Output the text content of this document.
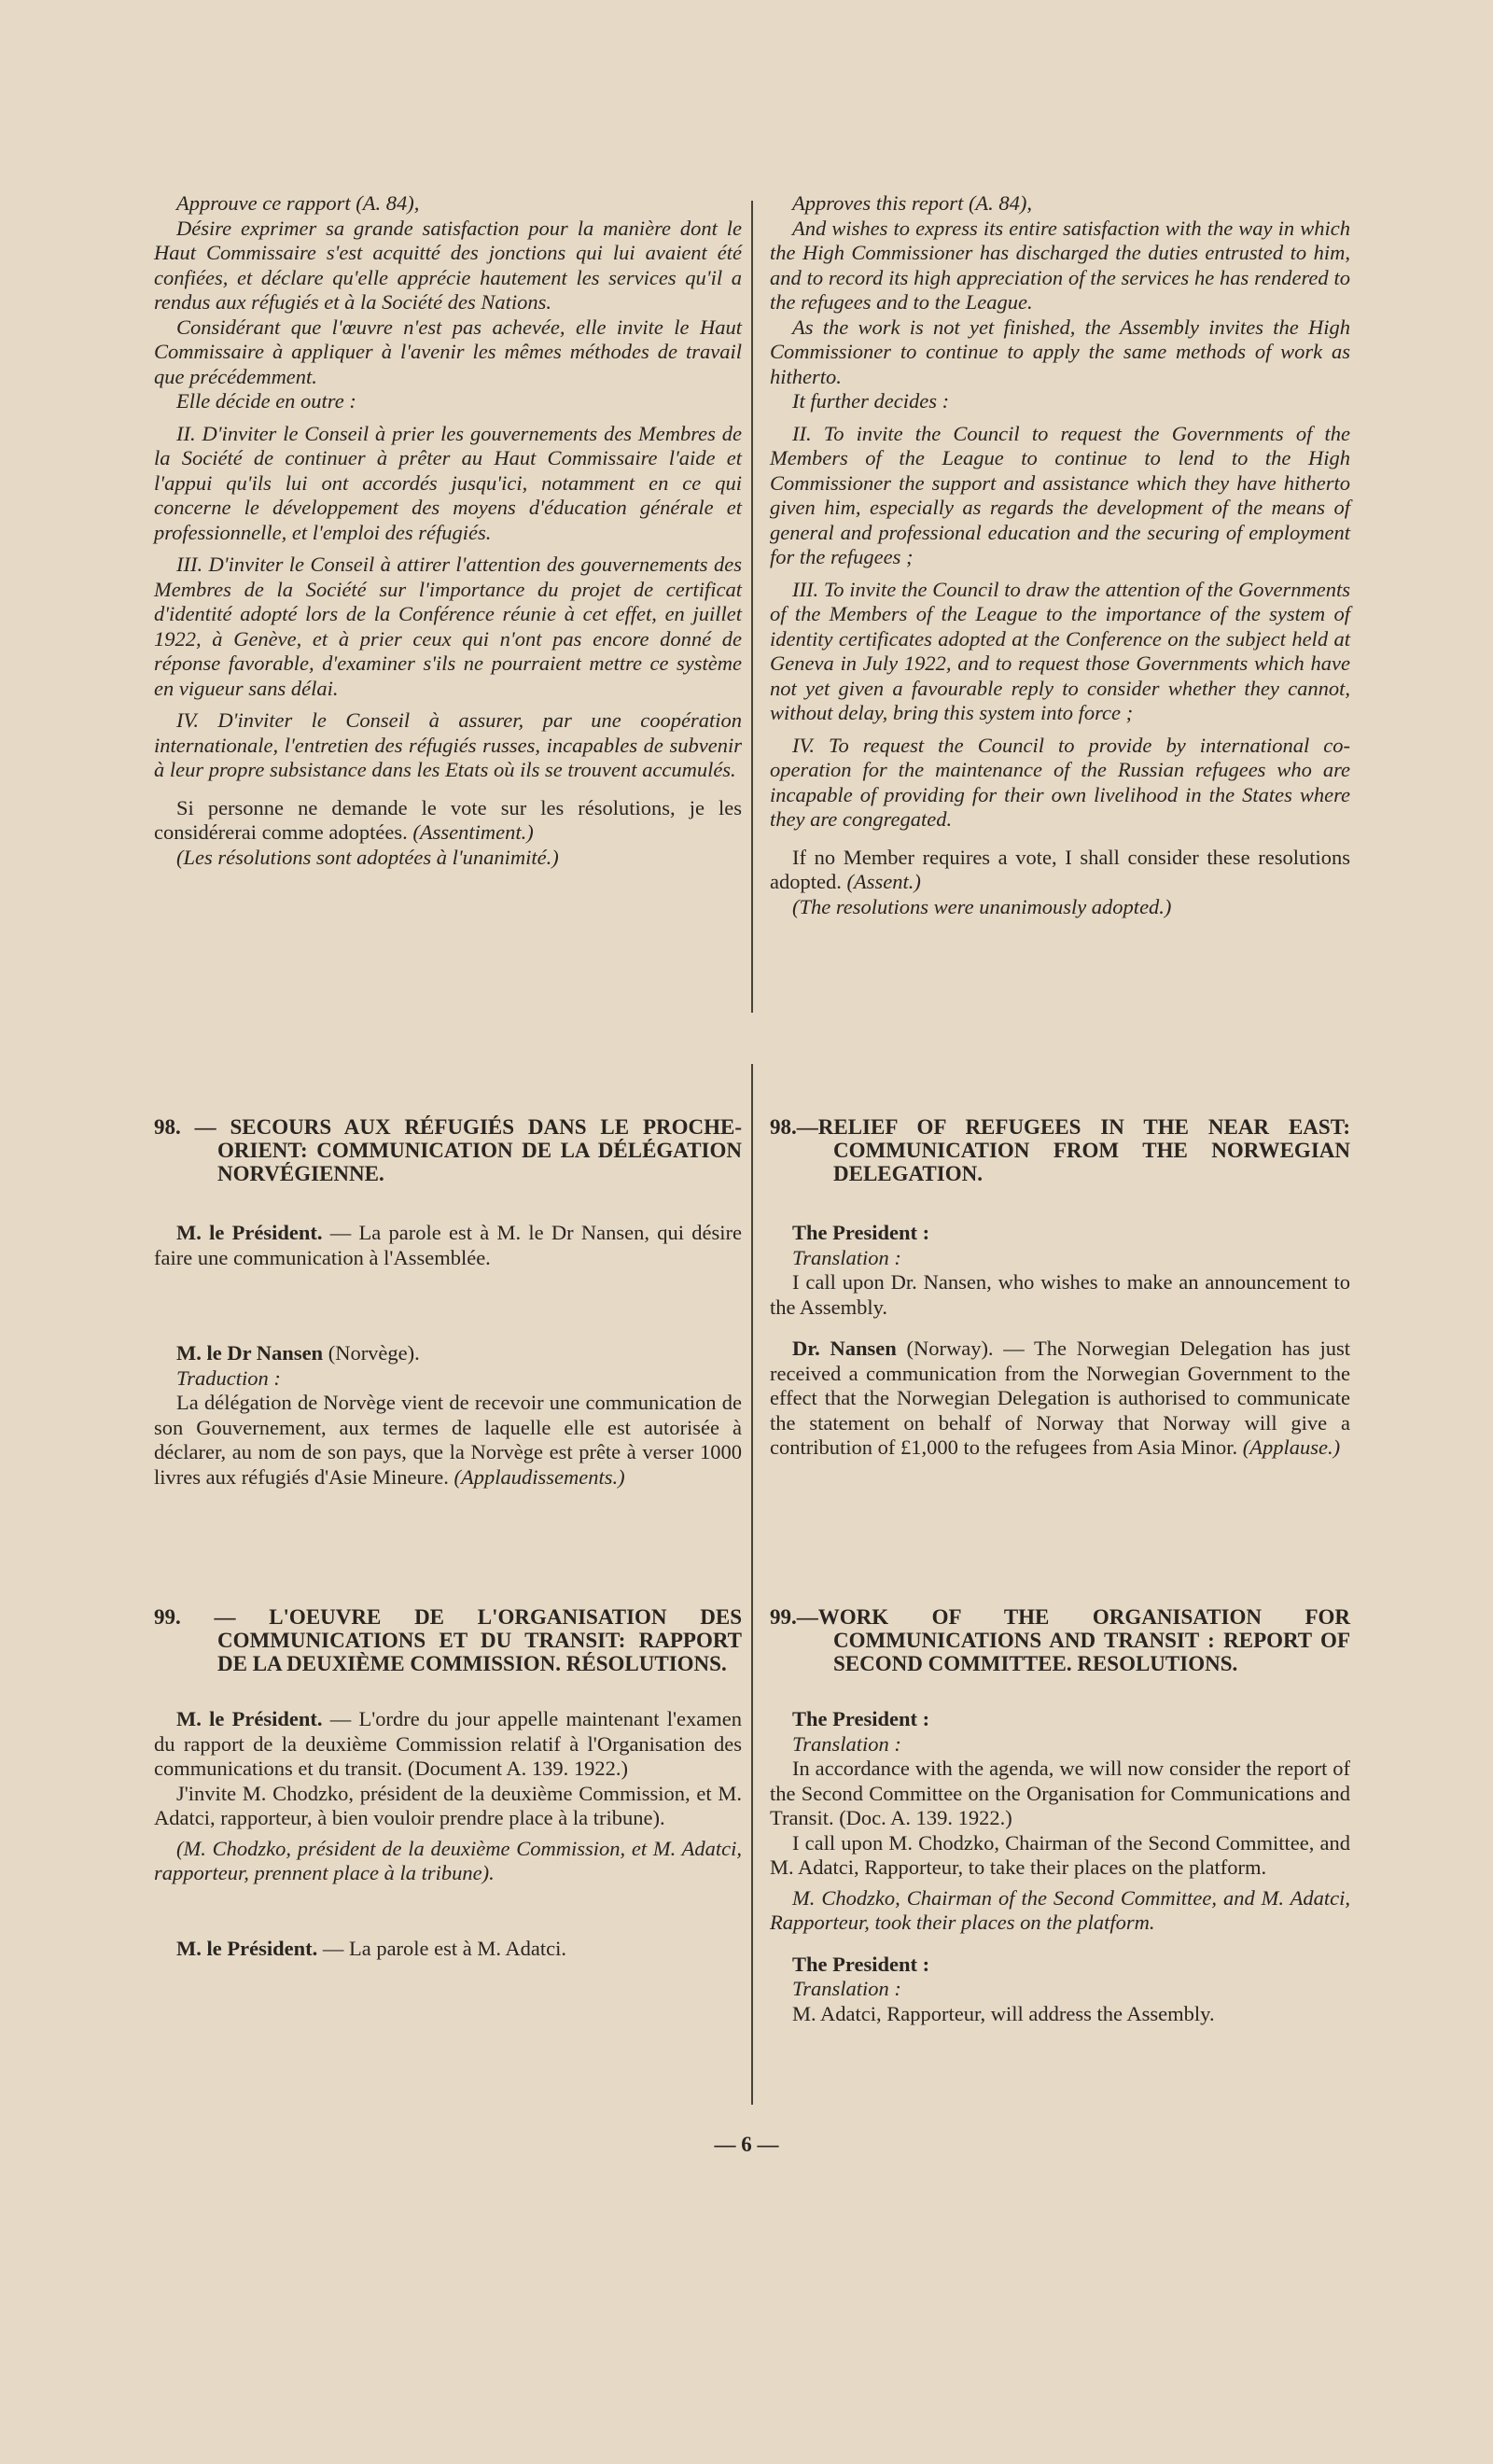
Approuve ce rapport (A. 84),

Désire exprimer sa grande satisfaction pour la manière dont le Haut Commissaire s'est acquitté des jonctions qui lui avaient été confiées, et déclare qu'elle apprécie hautement les services qu'il a rendus aux réfugiés et à la Société des Nations.

Considérant que l'œuvre n'est pas achevée, elle invite le Haut Commissaire à appliquer à l'avenir les mêmes méthodes de travail que précédemment.

Elle décide en outre :

II. D'inviter le Conseil à prier les gouvernements des Membres de la Société de continuer à prêter au Haut Commissaire l'aide et l'appui qu'ils lui ont accordés jusqu'ici, notamment en ce qui concerne le développement des moyens d'éducation générale et professionnelle, et l'emploi des réfugiés.

III. D'inviter le Conseil à attirer l'attention des gouvernements des Membres de la Société sur l'importance du projet de certificat d'identité adopté lors de la Conférence réunie à cet effet, en juillet 1922, à Genève, et à prier ceux qui n'ont pas encore donné de réponse favorable, d'examiner s'ils ne pourraient mettre ce système en vigueur sans délai.

IV. D'inviter le Conseil à assurer, par une coopération internationale, l'entretien des réfugiés russes, incapables de subvenir à leur propre subsistance dans les Etats où ils se trouvent accumulés.

Si personne ne demande le vote sur les résolutions, je les considérerai comme adoptées. (Assentiment.)

(Les résolutions sont adoptées à l'unanimité.)

98. — SECOURS AUX RÉFUGIÉS DANS LE PROCHE-ORIENT: COMMUNICATION DE LA DÉLÉGATION NORVÉGIENNE.

M. le Président. — La parole est à M. le Dr Nansen, qui désire faire une communication à l'Assemblée.

M. le Dr Nansen (Norvège).

Traduction :

La délégation de Norvège vient de recevoir une communication de son Gouvernement, aux termes de laquelle elle est autorisée à déclarer, au nom de son pays, que la Norvège est prête à verser 1000 livres aux réfugiés d'Asie Mineure. (Applaudissements.)

99. — L'OEUVRE DE L'ORGANISATION DES COMMUNICATIONS ET DU TRANSIT: RAPPORT DE LA DEUXIÈME COMMISSION. RÉSOLUTIONS.

M. le Président. — L'ordre du jour appelle maintenant l'examen du rapport de la deuxième Commission relatif à l'Organisation des communications et du transit. (Document A. 139. 1922.)

J'invite M. Chodzko, président de la deuxième Commission, et M. Adatci, rapporteur, à bien vouloir prendre place à la tribune).

(M. Chodzko, président de la deuxième Commission, et M. Adatci, rapporteur, prennent place à la tribune).

M. le Président. — La parole est à M. Adatci.

Approves this report (A. 84),

And wishes to express its entire satisfaction with the way in which the High Commissioner has discharged the duties entrusted to him, and to record its high appreciation of the services he has rendered to the refugees and to the League.

As the work is not yet finished, the Assembly invites the High Commissioner to continue to apply the same methods of work as hitherto.

It further decides :

II. To invite the Council to request the Governments of the Members of the League to continue to lend to the High Commissioner the support and assistance which they have hitherto given him, especially as regards the development of the means of general and professional education and the securing of employment for the refugees ;

III. To invite the Council to draw the attention of the Governments of the Members of the League to the importance of the system of identity certificates adopted at the Conference on the subject held at Geneva in July 1922, and to request those Governments which have not yet given a favourable reply to consider whether they cannot, without delay, bring this system into force ;

IV. To request the Council to provide by international co-operation for the maintenance of the Russian refugees who are incapable of providing for their own livelihood in the States where they are congregated.

If no Member requires a vote, I shall consider these resolutions adopted. (Assent.)

(The resolutions were unanimously adopted.)

98.—RELIEF OF REFUGEES IN THE NEAR EAST: COMMUNICATION FROM THE NORWEGIAN DELEGATION.

The President :

Translation :

I call upon Dr. Nansen, who wishes to make an announcement to the Assembly.

Dr. Nansen (Norway). — The Norwegian Delegation has just received a communication from the Norwegian Government to the effect that the Norwegian Delegation is authorised to communicate the statement on behalf of Norway that Norway will give a contribution of £1,000 to the refugees from Asia Minor. (Applause.)

99.—WORK OF THE ORGANISATION FOR COMMUNICATIONS AND TRANSIT : REPORT OF SECOND COMMITTEE. RESOLUTIONS.

The President :

Translation :

In accordance with the agenda, we will now consider the report of the Second Committee on the Organisation for Communications and Transit. (Doc. A. 139. 1922.)

I call upon M. Chodzko, Chairman of the Second Committee, and M. Adatci, Rapporteur, to take their places on the platform.

M. Chodzko, Chairman of the Second Committee, and M. Adatci, Rapporteur, took their places on the platform.

The President :

Translation :

M. Adatci, Rapporteur, will address the Assembly.

— 6 —
